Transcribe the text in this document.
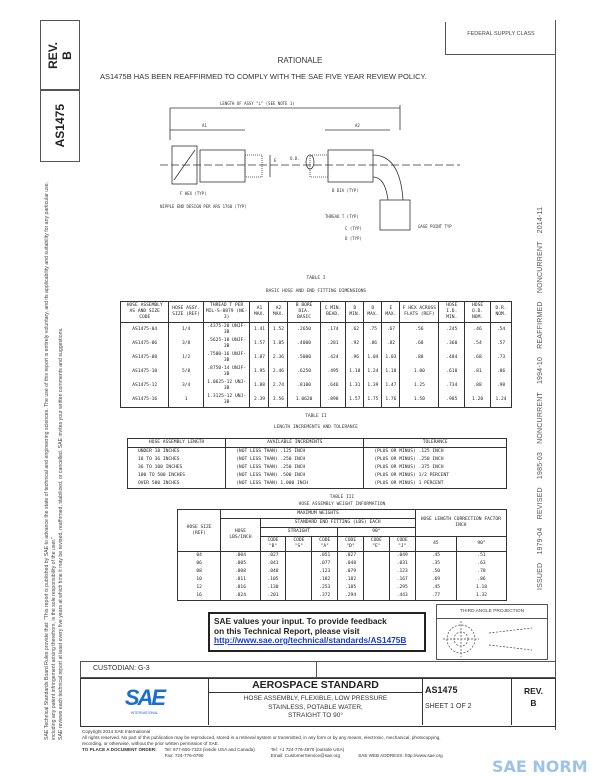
REV.
B
AS1475

SAE Technical Standards Board Rules provide that: "This report is published by SAE to advance the state of technical and engineering sciences. The use of this report is entirely voluntary, and its applicability and suitability for any particular use, including any patent infringement arising therefrom, is the sole responsibility of the user." SAE reviews each technical report at least every five years at which time it may be revised, reaffirmed, stabilized, or cancelled. SAE invites your written comments and suggestions.	ISSUED 1979-04 REVISED 1985-03 NONCURRENT 1994-10 REAFFIRMED NONCURRENT 2014-11
FEDERAL SUPPLY CLASS
RATIONALE
AS1475B HAS BEEN REAFFIRMED TO COMPLY WITH THE SAE FIVE YEAR REVIEW POLICY.
LENGTH OF ASSY "L" (SEE NOTE 1)
A1	A2
E
F HEX (TYP)
NIPPLE END DESIGN PER ARS 1760 (TYP)
O.D.
B DIA (TYP)
THREAD T (TYP)
C (TYP)
D (TYP)
GAGE POINT TYP
TABLE I
BASIC HOSE AND END FITTING DIMENSIONS
HOSE ASSEMBLY AS AND SIZE CODE	HOSE ASSY. SIZE (REF)	THREAD T PER MIL-S-8879 (NE-3)	A1 MAX.	A2 MAX.	B BORE DIA. BASIC	C MIN. BEAD.	D MIN.	D MAX.	E MAX.	F HEX ACROSS FLATS (REF)	HOSE I.D. MIN.	HOSE O.D. NOM.	D.R. NOM.
AS1475-04	1/4	.4375-20 UNJF-3B	1.41	1.52	.2650	.174	.62	.75	.67	.56	.245	.46	.54
AS1475-06	3/8	.5625-18 UNJF-3B	1.57	1.85	.4000	.281	.92	.86	.82	.68	.360	.54	.57
AS1475-08	1/2	.7500-16 UNJF-3B	1.87	2.36	.5000	.424	.96	1.04	1.03	.88	.484	.68	.73
AS1475-10	5/8	.8750-14 UNJF-3B	1.95	2.46	.6250	.495	1.18	1.24	1.18	1.00	.610	.81	.86
AS1475-12	3/4	1.0625-12 UNJ-3B	1.88	2.74	.8100	.646	1.31	1.39	1.47	1.25	.734	.88	.98
AS1475-16	1	1.3125-12 UNJ-3B	2.39	3.56	1.0620	.898	1.57	1.75	1.76	1.50	.985	1.20	1.24
TABLE II
LENGTH INCREMENTS AND TOLERANCE
HOSE ASSEMBLY LENGTH	AVAILABLE INCREMENTS	TOLERANCE
UNDER 18 INCHES	(NOT LESS THAN) .125 INCH	(PLUS OR MINUS) .125 INCH
18 TO 36 INCHES	(NOT LESS THAN) .250 INCH	(PLUS OR MINUS) .250 INCH
36 TO 100 INCHES	(NOT LESS THAN) .250 INCH	(PLUS OR MINUS) .375 INCH
100 TO 500 INCHES	(NOT LESS THAN) .500 INCH	(PLUS OR MINUS) 1/2 PERCENT
OVER 500 INCHES	(NOT LESS THAN) 1.000 INCH	(PLUS OR MINUS) 1 PERCENT
TABLE III
HOSE ASSEMBLY WEIGHT INFORMATION
HOSE SIZE (REF)	MAXIMUM WEIGHTS							HOSE LENGTH CORRECTION FACTOR INCH	
	HOSE LBS/INCH	STANDARD END FITTING (LBS) EACH							
		STRAIGHT			90°				
		CODE "B"	CODE "S"	CODE "A"	CODE "D"	CODE "E"	CODE "J"	45	90°
04	.004	.027		.051	.027		.049	.45	.51
06	.005	.041		.077	.048		.031	.35	.63
08	.008	.048		.123	.079		.123	.50	.78
10	.011	.105		.182	.182		.167	.69	.86
12	.016	.130		.253	.185		.295	.45	1.18
16	.024	.201		.372	.294		.443	.77	1.32
SAE values your input. To provide feedback
on this Technical Report, please visit
http://www.sae.org/technical/standards/AS1475B
THIRD ANGLE PROJECTION
CUSTODIAN: G-3
SAE
INTERNATIONAL
AEROSPACE STANDARD
HOSE ASSEMBLY, FLEXIBLE, LOW PRESSURE
STAINLESS, POTABLE WATER,
STRAIGHT TO 90°
AS1475
SHEET 1 OF 2
REV.
B
Copyright 2014 SAE International
All rights reserved. No part of this publication may be reproduced, stored in a retrieval system or transmitted, in any form or by any means, electronic, mechanical, photocopying,
recording, or otherwise, without the prior written permission of SAE.
TO PLACE A DOCUMENT ORDER: Tel: 877-606-7323 (inside USA and Canada)
Fax: 724-776-0790
Tel: +1 724-776-4970 (outside USA)
Email: CustomerService@sae.org	SAE WEB ADDRESS: http://www.sae.org
SAE NORM
